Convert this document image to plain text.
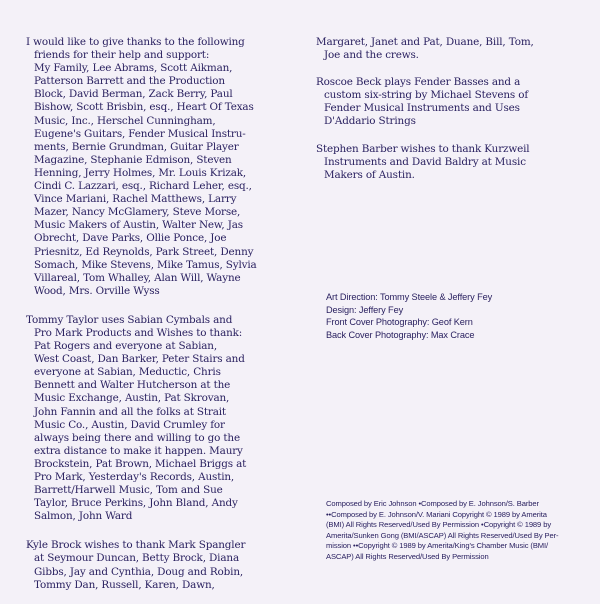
I would like to give thanks to the following
friends for their help and support:
My Family, Lee Abrams, Scott Aikman,
Patterson Barrett and the Production
Block, David Berman, Zack Berry, Paul
Bishow, Scott Brisbin, esq., Heart Of Texas
Music, Inc., Herschel Cunningham,
Eugene's Guitars, Fender Musical Instru-
ments, Bernie Grundman, Guitar Player
Magazine, Stephanie Edmison, Steven
Henning, Jerry Holmes, Mr. Louis Krizak,
Cindi C. Lazzari, esq., Richard Leher, esq.,
Vince Mariani, Rachel Matthews, Larry
Mazer, Nancy McGlamery, Steve Morse,
Music Makers of Austin, Walter New, Jas
Obrecht, Dave Parks, Ollie Ponce, Joe
Priesnitz, Ed Reynolds, Park Street, Denny
Somach, Mike Stevens, Mike Tamus, Sylvia
Villareal, Tom Whalley, Alan Will, Wayne
Wood, Mrs. Orville Wyss

Tommy Taylor uses Sabian Cymbals and
Pro Mark Products and Wishes to thank:
Pat Rogers and everyone at Sabian,
West Coast, Dan Barker, Peter Stairs and
everyone at Sabian, Meductic, Chris
Bennett and Walter Hutcherson at the
Music Exchange, Austin, Pat Skrovan,
John Fannin and all the folks at Strait
Music Co., Austin, David Crumley for
always being there and willing to go the
extra distance to make it happen. Maury
Brockstein, Pat Brown, Michael Briggs at
Pro Mark, Yesterday's Records, Austin,
Barrett/Harwell Music, Tom and Sue
Taylor, Bruce Perkins, John Bland, Andy
Salmon, John Ward

Kyle Brock wishes to thank Mark Spangler
at Seymour Duncan, Betty Brock, Diana
Gibbs, Jay and Cynthia, Doug and Robin,
Tommy Dan, Russell, Karen, Dawn,

Margaret, Janet and Pat, Duane, Bill, Tom,
Joe and the crews.

Roscoe Beck plays Fender Basses and a
custom six-string by Michael Stevens of
Fender Musical Instruments and Uses
D'Addario Strings

Stephen Barber wishes to thank Kurzweil
Instruments and David Baldry at Music
Makers of Austin.

Art Direction: Tommy Steele & Jeffery Fey
Design: Jeffery Fey
Front Cover Photography: Geof Kern
Back Cover Photography: Max Crace
Composed by Eric Johnson •Composed by E. Johnson/S. Barber
••Composed by E. Johnson/V. Mariani Copyright © 1989 by Amerita
(BMI) All Rights Reserved/Used By Permission •Copyright © 1989 by
Amerita/Sunken Gong (BMI/ASCAP) All Rights Reserved/Used By Per-
mission ••Copyright © 1989 by Amerita/King's Chamber Music (BMI/
ASCAP) All Rights Reserved/Used By Permission
